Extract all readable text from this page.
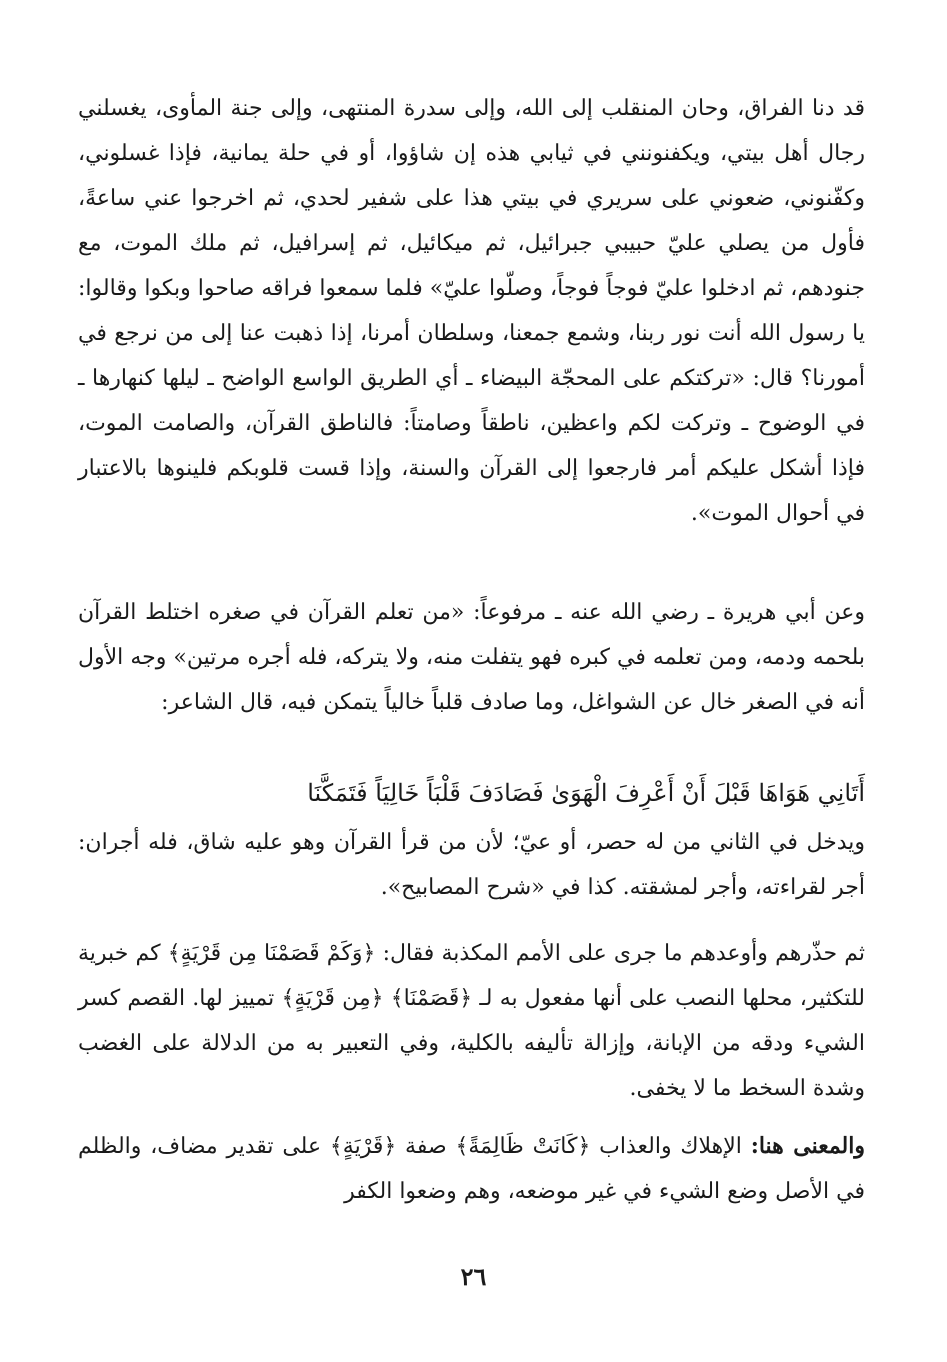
قد دنا الفراق، وحان المنقلب إلى الله، وإلى سدرة المنتهى، وإلى جنة المأوى، يغسلني رجال أهل بيتي، ويكفنونني في ثيابي هذه إن شاؤوا، أو في حلة يمانية، فإذا غسلوني، وكفّنوني، ضعوني على سريري في بيتي هذا على شفير لحدي، ثم اخرجوا عني ساعةً، فأول من يصلي عليّ حبيبي جبرائيل، ثم ميكائيل، ثم إسرافيل، ثم ملك الموت، مع جنودهم، ثم ادخلوا عليّ فوجاً فوجاً، وصلّوا عليّ» فلما سمعوا فراقه صاحوا وبكوا وقالوا: يا رسول الله أنت نور ربنا، وشمع جمعنا، وسلطان أمرنا، إذا ذهبت عنا إلى من نرجع في أمورنا؟ قال: «تركتكم على المحجّة البيضاء ـ أي الطريق الواسع الواضح ـ ليلها كنهارها ـ في الوضوح ـ وتركت لكم واعظين، ناطقاً وصامتاً: فالناطق القرآن، والصامت الموت، فإذا أشكل عليكم أمر فارجعوا إلى القرآن والسنة، وإذا قست قلوبكم فلينوها بالاعتبار في أحوال الموت».

وعن أبي هريرة ـ رضي الله عنه ـ مرفوعاً: «من تعلم القرآن في صغره اختلط القرآن بلحمه ودمه، ومن تعلمه في كبره فهو يتفلت منه، ولا يتركه، فله أجره مرتين» وجه الأول أنه في الصغر خال عن الشواغل، وما صادف قلباً خالياً يتمكن فيه، قال الشاعر:

أَتَانِي هَوَاهَا قَبْلَ أَنْ أَعْرِفَ الْهَوَىٰ فَصَادَفَ قَلْبَاً خَالِيَاً فَتَمَكَّنَا

ويدخل في الثاني من له حصر، أو عيّ؛ لأن من قرأ القرآن وهو عليه شاق، فله أجران: أجر لقراءته، وأجر لمشقته. كذا في «شرح المصابيح».

ثم حذّرهم وأوعدهم ما جرى على الأمم المكذبة فقال: ﴿وَكَمْ قَصَمْنَا مِن قَرْيَةٍ﴾ كم خبرية للتكثير، محلها النصب على أنها مفعول به لـ ﴿قَصَمْنَا﴾ ﴿مِن قَرْيَةٍ﴾ تمييز لها. القصم كسر الشيء ودقه من الإبانة، وإزالة تأليفه بالكلية، وفي التعبير به من الدلالة على الغضب وشدة السخط ما لا يخفى.

والمعنى هنا: الإهلاك والعذاب ﴿كَانَتْ ظَالِمَةً﴾ صفة ﴿قَرْيَةٍ﴾ على تقدير مضاف، والظلم في الأصل وضع الشيء في غير موضعه، وهم وضعوا الكفر

٢٦
